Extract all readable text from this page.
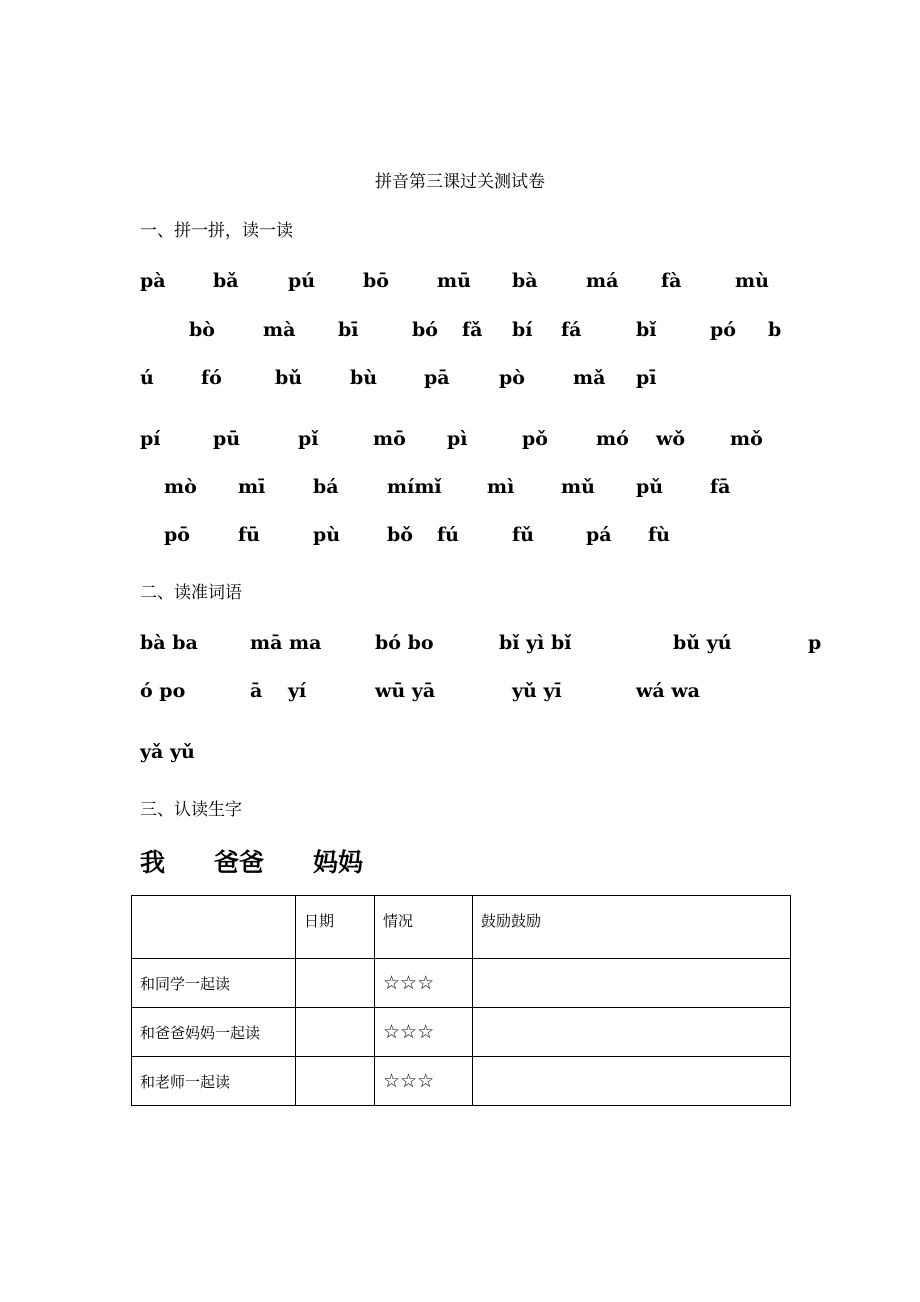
拼音第三课过关测试卷
一、拼一拼，读一读
pà bǎ	pú	bō	mū bà	má fà	mù
bò	mà bī	bó fǎ bí fá	bǐ	pó b
ú fó	bǔ	bù pā	pò	mǎ pī
pí	pū	pǐ	mō pì	pǒ	mó wǒ mǒ
mò mī	bá	mímǐ mì mǔ pǔ fā
pō	fū	pù bǒ fú	fǔ	pá fù
二、读准词语
bà ba	mā ma	bó bo	bǐ yì bǐ	bǔ yú	p
ó po	ā yí	wū yā	yǔ yī	wá wa
yǎ yǔ
三、认读生字
我 爸爸 妈妈
	日期	情况	鼓励鼓励
和同学一起读		☆☆☆	
和爸爸妈妈一起读		☆☆☆	
和老师一起读		☆☆☆	
